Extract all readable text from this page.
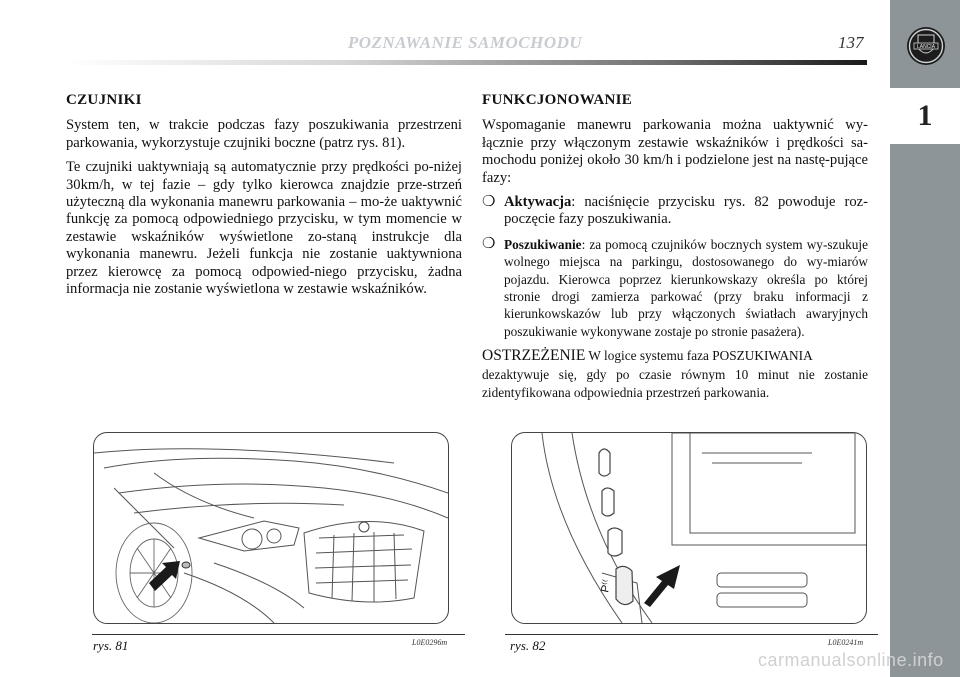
POZNAWANIE SAMOCHODU	137	LANCIA
1
CZUJNIKI

System ten, w trakcie podczas fazy poszukiwania przestrzeni parkowania, wykorzystuje czujniki boczne (patrz rys. 81).

Te czujniki uaktywniają są automatycznie przy prędkości po-niżej 30km/h, w tej fazie – gdy tylko kierowca znajdzie prze-strzeń użyteczną dla wykonania manewru parkowania – mo-że uaktywnić funkcję za pomocą odpowiedniego przycisku, w tym momencie w zestawie wskaźników wyświetlone zo-staną instrukcje dla wykonania manewru. Jeżeli funkcja nie zostanie uaktywniona przez kierowcę za pomocą odpowied-niego przycisku, żadna informacja nie zostanie wyświetlona w zestawie wskaźników.

FUNKCJONOWANIE

Wspomaganie manewru parkowania można uaktywnić wy-łącznie przy włączonym zestawie wskaźników i prędkości sa-mochodu poniżej około 30 km/h i podzielone jest na nastę-pujące fazy:

❍ Aktywacja: naciśnięcie przycisku rys. 82 powoduje roz-poczęcie fazy poszukiwania.
❍ Poszukiwanie: za pomocą czujników bocznych system wy-szukuje wolnego miejsca na parkingu, dostosowanego do wy-miarów pojazdu. Kierowca poprzez kierunkowskazy określa po której stronie drogi zamierza parkować (przy braku informacji z kierunkowskazów lub przy włączonych światłach awaryjnych poszukiwanie wykonywane zostaje po stronie pasażera).
OSTRZEŻENIE W logice systemu faza POSZUKIWANIA
dezaktywuje się, gdy po czasie równym 10 minut nie zostanie zidentyfikowana odpowiednia przestrzeń parkowania.
rys. 81	L0E0296m
P⁽⁽
rys. 82	L0E0241m
carmanualsonline.info
